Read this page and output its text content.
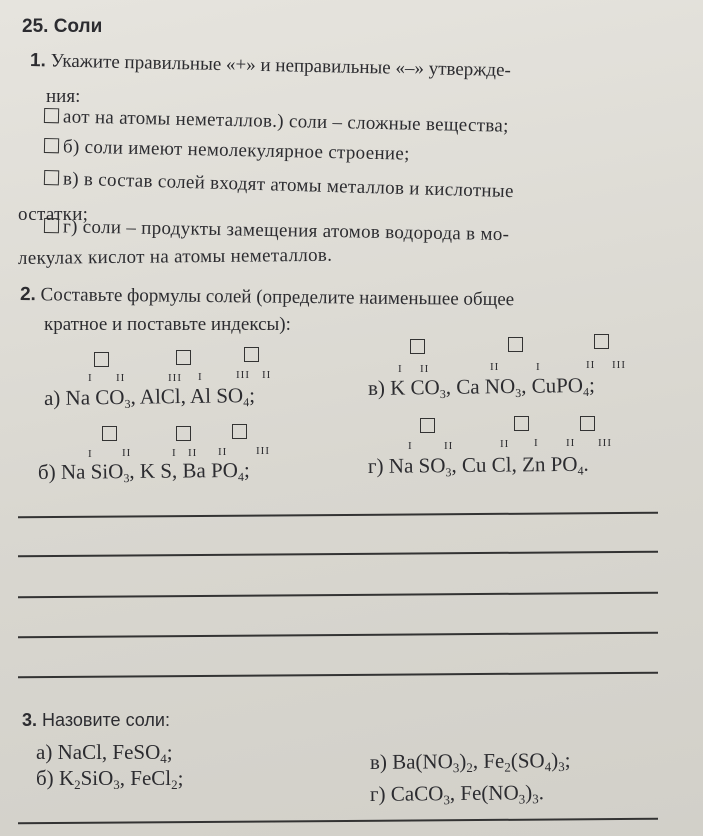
25. Соли
1. Укажите правильные «+» и неправильные «–» утвержде-
ния:
аот на атомы неметаллов.) соли – сложные вещества;
б) соли имеют немолекулярное строение;
в) в состав солей входят атомы металлов и кислотные
остатки;
г) соли – продукты замещения атомов водорода в мо-
лекулах кислот на атомы неметаллов.
2. Составьте формулы солей (определите наименьшее общее
кратное и поставьте индексы):
I II	III I	III II	I II	II	I	II III
а) Na $CO_3$, AlCl, Al $SO_4$;	в) K $CO_3$, Ca $NO_3$, CuPO$_4$;
I	II	I II II	III	I	II	II I II III
б) Na SiO$_3$, K S, Ba $PO_4$;	г) Na $SO_3$, Cu Cl, Zn $PO_4$.
3. Назовите соли:
а) NaCl, FeSO$_4$;
б) $K_2SiO_3$, FeCl$_2$;
в) $Ba(NO_3)_2$, $Fe_2(SO_4)_3$;
г) CaCO$_3$, $Fe(NO_3)_3$.
